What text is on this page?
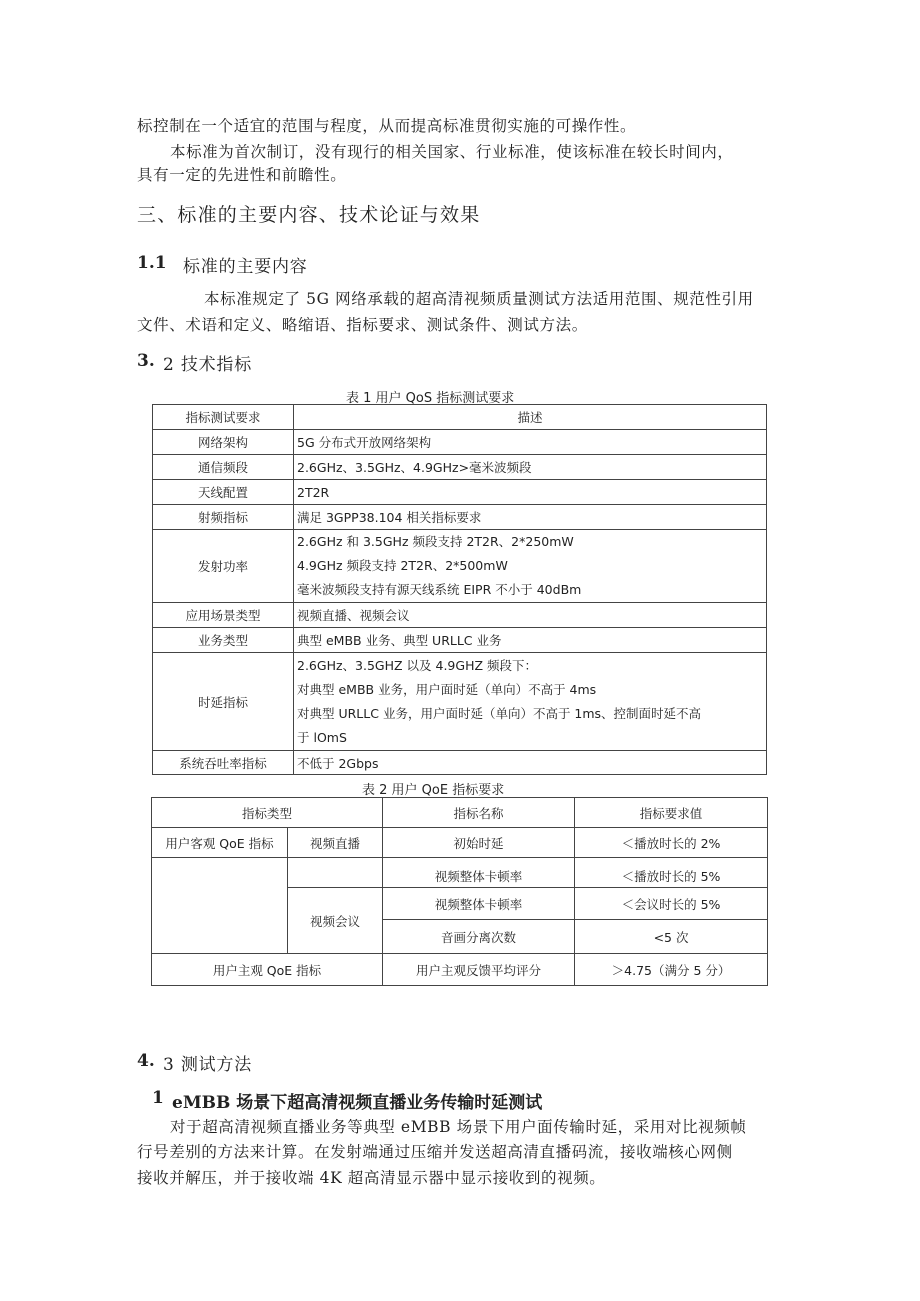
标控制在一个适宜的范围与程度，从而提高标准贯彻实施的可操作性。
本标准为首次制订，没有现行的相关国家、行业标准，使该标准在较长时间内，
具有一定的先进性和前瞻性。
三、标准的主要内容、技术论证与效果
1.1 标准的主要内容
本标准规定了 5G 网络承载的超高清视频质量测试方法适用范围、规范性引用
文件、术语和定义、略缩语、指标要求、测试条件、测试方法。
3. 2 技术指标
表 1 用户 QoS 指标测试要求
指标测试要求	描述
网络架构	5G 分布式开放网络架构
通信频段	2.6GHz、3.5GHz、4.9GHz>毫米波频段
天线配置	2T2R
射频指标	满足 3GPP38.104 相关指标要求
发射功率	2.6GHz 和 3.5GHz 频段支持 2T2R、2*250mW
4.9GHz 频段支持 2T2R、2*500mW
毫米波频段支持有源天线系统 EIPR 不小于 40dBm

应用场景类型	视频直播、视频会议
业务类型	典型 eMBB 业务、典型 URLLC 业务
时延指标	2.6GHz、3.5GHZ 以及 4.9GHZ 频段下：
对典型 eMBB 业务，用户面时延（单向）不高于 4ms
对典型 URLLC 业务，用户面时延（单向）不高于 1ms、控制面时延不高
于 lOmS

系统吞吐率指标	不低于 2Gbps
表 2 用户 QoE 指标要求
指标类型		指标名称	指标要求值
用户客观 QoE 指标	视频直播	初始时延	＜播放时长的 2%
		视频整体卡顿率	＜播放时长的 5%
	视频会议	视频整体卡顿率	＜会议时长的 5%
		音画分离次数	<5 次
用户主观 QoE 指标		用户主观反馈平均评分	＞4.75（满分 5 分）
4. 3 测试方法
1 eMBB 场景下超高清视频直播业务传输时延测试
对于超高清视频直播业务等典型 eMBB 场景下用户面传输时延，采用对比视频帧
行号差别的方法来计算。在发射端通过压缩并发送超高清直播码流，接收端核心网侧
接收并解压，并于接收端 4K 超高清显示器中显示接收到的视频。
